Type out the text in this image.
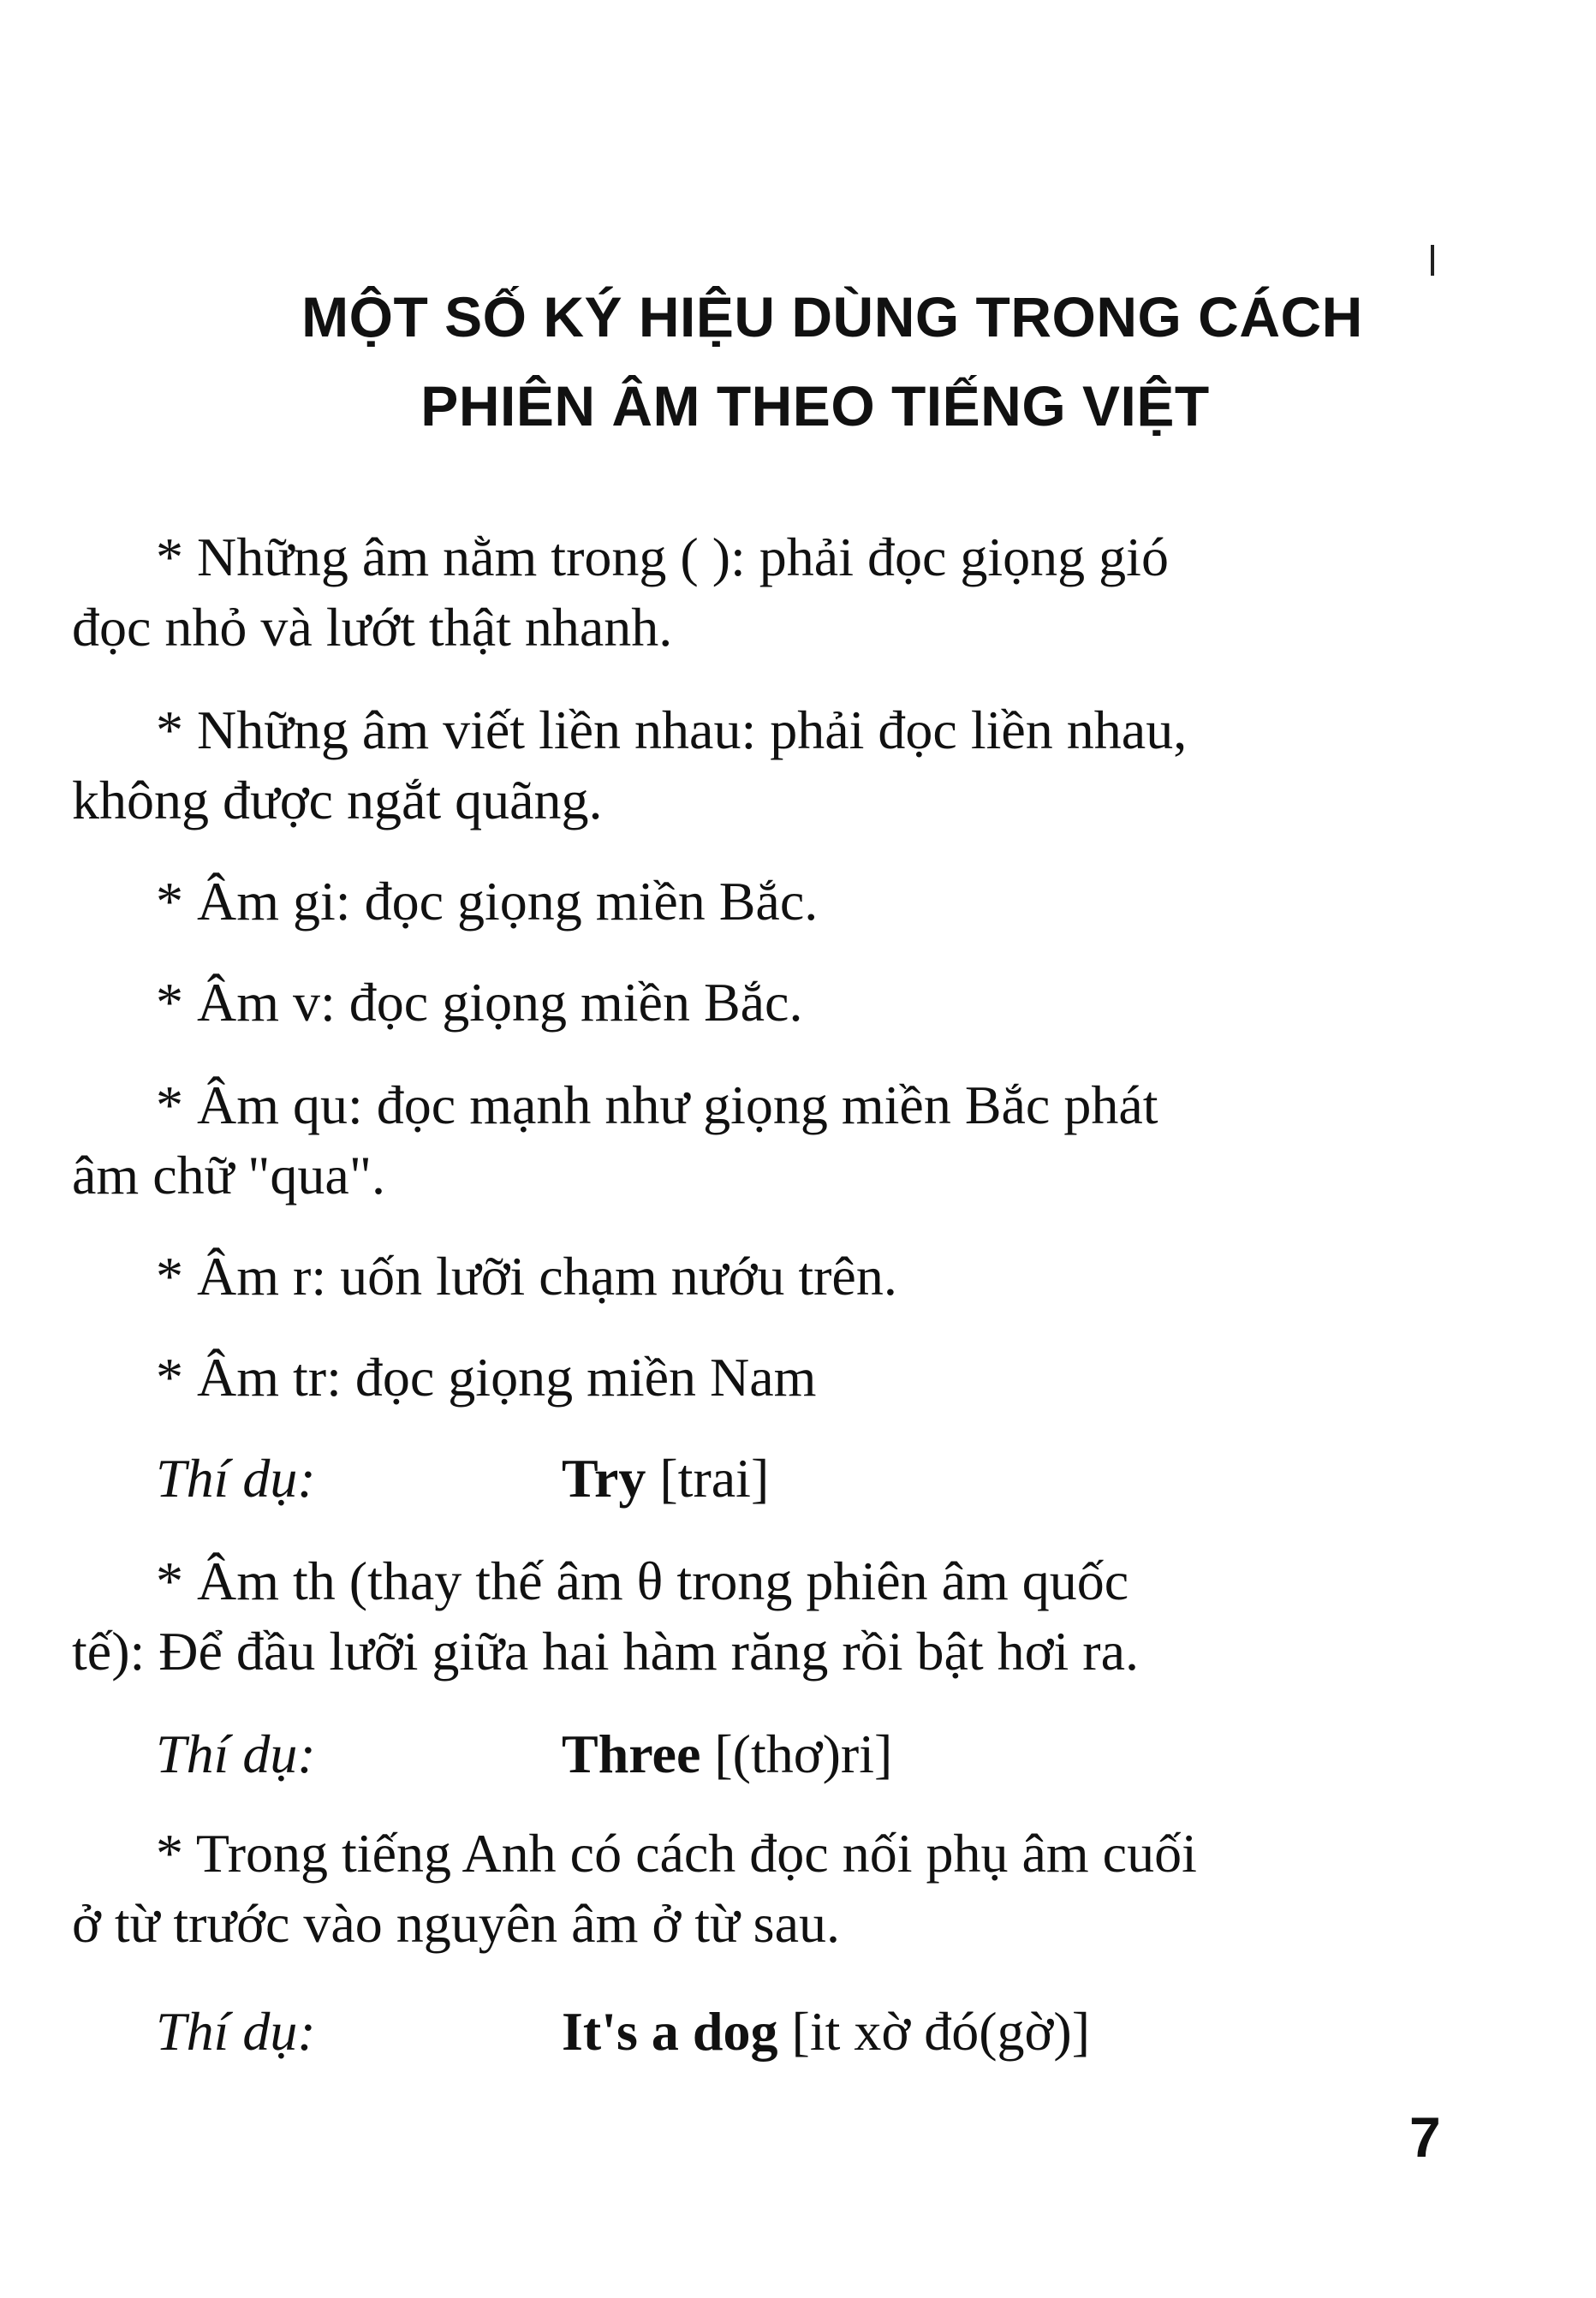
MỘT SỐ KÝ HIỆU DÙNG TRONG CÁCH
PHIÊN ÂM THEO TIẾNG VIỆT
* Những âm nằm trong ( ): phải đọc giọng gió
đọc nhỏ và lướt thật nhanh.
* Những âm viết liền nhau: phải đọc liền nhau,
không được ngắt quãng.
* Âm gi: đọc giọng miền Bắc.
* Âm v: đọc giọng miền Bắc.
* Âm qu: đọc mạnh như giọng miền Bắc phát
âm chữ "qua".
* Âm r: uốn lưỡi chạm nướu trên.
* Âm tr: đọc giọng miền Nam
Thí dụ:	Try [trai]
* Âm th (thay thế âm θ trong phiên âm quốc
tế): Để đầu lưỡi giữa hai hàm răng rồi bật hơi ra.
Thí dụ:	Three [(thơ)ri]
* Trong tiếng Anh có cách đọc nối phụ âm cuối
ở từ trước vào nguyên âm ở từ sau.
Thí dụ:	It's a dog [it xờ đó(gờ)]
7
